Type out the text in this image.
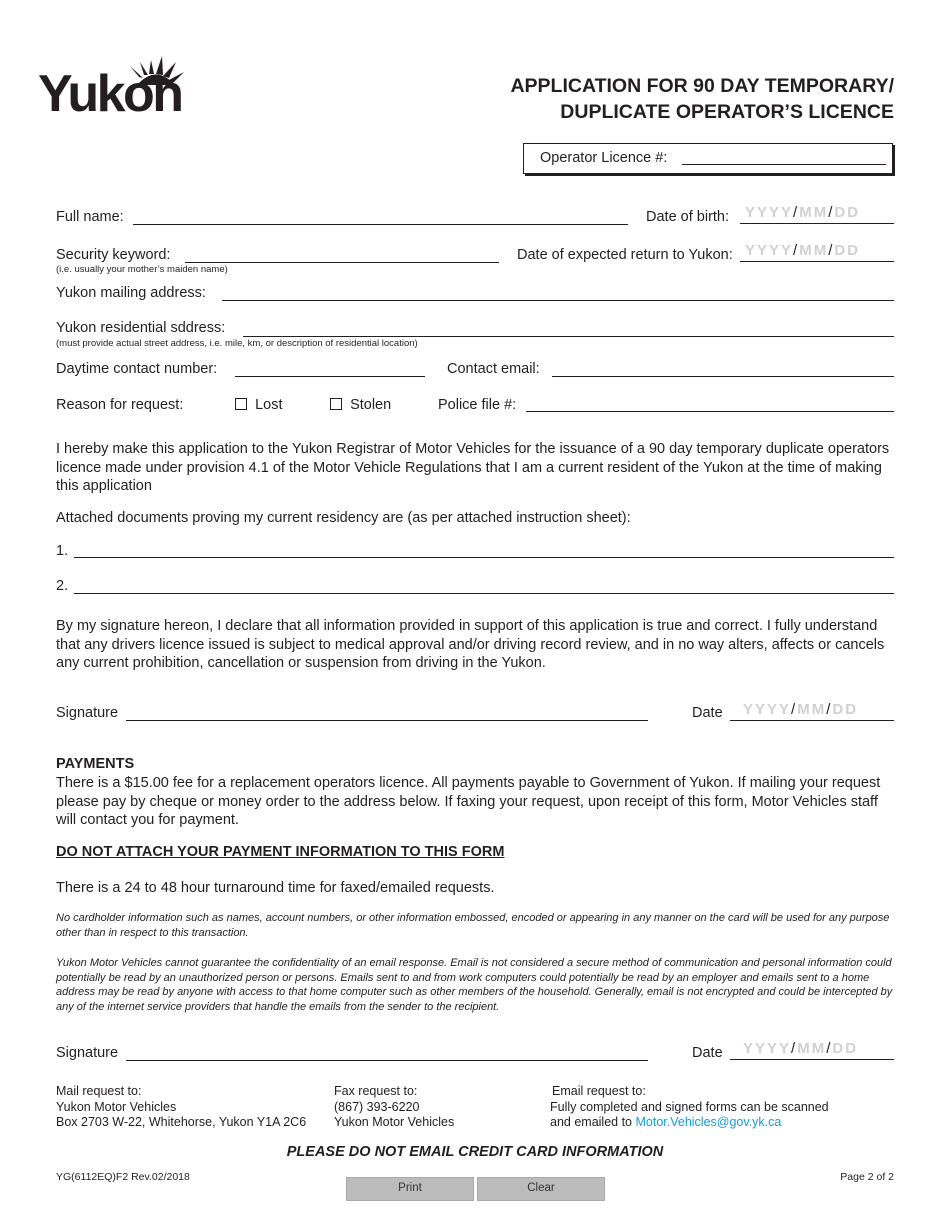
Yukon	APPLICATION FOR 90 DAY TEMPORARY/
DUPLICATE OPERATOR’S LICENCE
Operator Licence #:
Full name:	Date of birth: YYYY/MM/DD
Security keyword:
(i.e. usually your mother’s maiden name)
Date of expected return to Yukon: YYYY/MM/DD
Yukon mailing address:
Yukon residential sddress:
(must provide actual street address, i.e. mile, km, or description of residential location)
Daytime contact number:	Contact email:
Reason for request:	Lost	Stolen	Police file #:
I hereby make this application to the Yukon Registrar of Motor Vehicles for the issuance of a 90 day temporary duplicate operators licence made under provision 4.1 of the Motor Vehicle Regulations that I am a current resident of the Yukon at the time of making this application
Attached documents proving my current residency are (as per attached instruction sheet):
1.
2.
By my signature hereon, I declare that all information provided in support of this application is true and correct. I fully understand that any drivers licence issued is subject to medical approval and/or driving record review, and in no way alters, affects or cancels any current prohibition, cancellation or suspension from driving in the Yukon.
Signature	Date YYYY/MM/DD
PAYMENTS
There is a $15.00 fee for a replacement operators licence. All payments payable to Government of Yukon. If mailing your request please pay by cheque or money order to the address below. If faxing your request, upon receipt of this form, Motor Vehicles staff will contact you for payment.
DO NOT ATTACH YOUR PAYMENT INFORMATION TO THIS FORM
There is a 24 to 48 hour turnaround time for faxed/emailed requests.
No cardholder information such as names, account numbers, or other information embossed, encoded or appearing in any manner on the card will be used for any purpose other than in respect to this transaction.
Yukon Motor Vehicles cannot guarantee the confidentiality of an email response. Email is not considered a secure method of communication and personal information could potentially be read by an unauthorized person or persons. Emails sent to and from work computers could potentially be read by an employer and emails sent to a home address may be read by anyone with access to that home computer such as other members of the household. Generally, email is not encrypted and could be intercepted by any of the internet service providers that handle the emails from the sender to the recipient.
Signature	Date YYYY/MM/DD
Mail request to:
Yukon Motor Vehicles
Box 2703 W-22, Whitehorse, Yukon Y1A 2C6
Fax request to:
(867) 393-6220
Yukon Motor Vehicles
Email request to:
Fully completed and signed forms can be scanned
and emailed to Motor.Vehicles@gov.yk.ca
PLEASE DO NOT EMAIL CREDIT CARD INFORMATION
YG(6112EQ)F2 Rev.02/2018	Page 2 of 2
Print	Clear
